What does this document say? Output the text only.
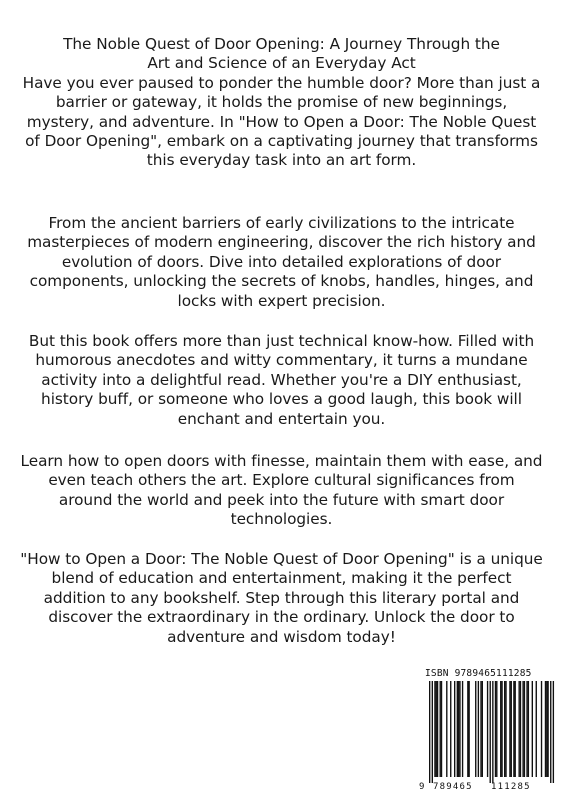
The Noble Quest of Door Opening: A Journey Through the
Art and Science of an Everyday Act
Have you ever paused to ponder the humble door? More than just a barrier or gateway, it holds the promise of new beginnings, mystery, and adventure. In "How to Open a Door: The Noble Quest of Door Opening", embark on a captivating journey that transforms this everyday task into an art form.
From the ancient barriers of early civilizations to the intricate masterpieces of modern engineering, discover the rich history and evolution of doors. Dive into detailed explorations of door components, unlocking the secrets of knobs, handles, hinges, and locks with expert precision.
But this book offers more than just technical know-how. Filled with humorous anecdotes and witty commentary, it turns a mundane activity into a delightful read. Whether you're a DIY enthusiast, history buff, or someone who loves a good laugh, this book will enchant and entertain you.
Learn how to open doors with finesse, maintain them with ease, and even teach others the art. Explore cultural significances from around the world and peek into the future with smart door technologies.
"How to Open a Door: The Noble Quest of Door Opening" is a unique blend of education and entertainment, making it the perfect addition to any bookshelf. Step through this literary portal and discover the extraordinary in the ordinary. Unlock the door to adventure and wisdom today!
ISBN 9789465111285
9 789465 111285
